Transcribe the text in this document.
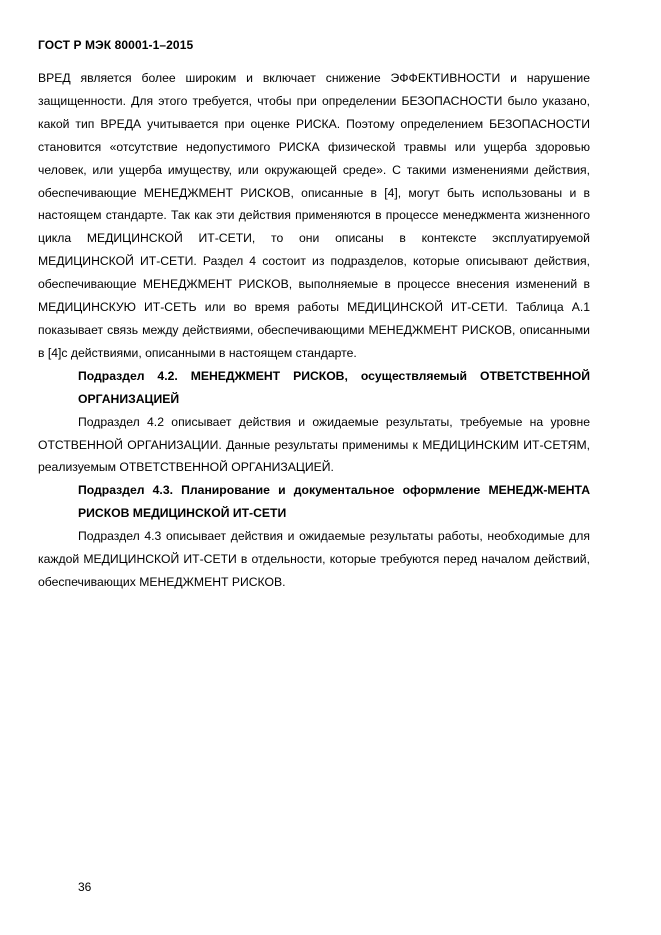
ГОСТ Р МЭК 80001-1–2015

ВРЕД является более широким и включает снижение ЭФФЕКТИВНОСТИ и нарушение защищенности. Для этого требуется, чтобы при определении БЕЗОПАСНОСТИ было указано, какой тип ВРЕДА учитывается при оценке РИСКА. Поэтому определением БЕЗОПАСНОСТИ становится «отсутствие недопустимого РИСКА физической травмы или ущерба здоровью человек, или ущерба имуществу, или окружающей среде». С такими изменениями действия, обеспечивающие МЕНЕДЖМЕНТ РИСКОВ, описанные в [4], могут быть использованы и в настоящем стандарте. Так как эти действия применяются в процессе менеджмента жизненного цикла МЕДИЦИНСКОЙ ИТ-СЕТИ, то они описаны в контексте эксплуатируемой МЕДИЦИНСКОЙ ИТ-СЕТИ. Раздел 4 состоит из подразделов, которые описывают действия, обеспечивающие МЕНЕДЖМЕНТ РИСКОВ, выполняемые в процессе внесения изменений в МЕДИЦИНСКУЮ ИТ-СЕТЬ или во время работы МЕДИЦИНСКОЙ ИТ-СЕТИ. Таблица А.1 показывает связь между действиями, обеспечивающими МЕНЕДЖМЕНТ РИСКОВ, описанными в [4]с действиями, описанными в настоящем стандарте.

Подраздел 4.2. МЕНЕДЖМЕНТ РИСКОВ, осуществляемый ОТВЕТСТВЕННОЙ ОРГАНИЗАЦИЕЙ

Подраздел 4.2 описывает действия и ожидаемые результаты, требуемые на уровне ОТСТВЕННОЙ ОРГАНИЗАЦИИ. Данные результаты применимы к МЕДИЦИНСКИМ ИТ-СЕТЯМ, реализуемым ОТВЕТСТВЕННОЙ ОРГАНИЗАЦИЕЙ.

Подраздел 4.3. Планирование и документальное оформление МЕНЕДЖ-МЕНТА РИСКОВ МЕДИЦИНСКОЙ ИТ-СЕТИ

Подраздел 4.3 описывает действия и ожидаемые результаты работы, необходимые для каждой МЕДИЦИНСКОЙ ИТ-СЕТИ в отдельности, которые требуются перед началом действий, обеспечивающих МЕНЕДЖМЕНТ РИСКОВ.

36
